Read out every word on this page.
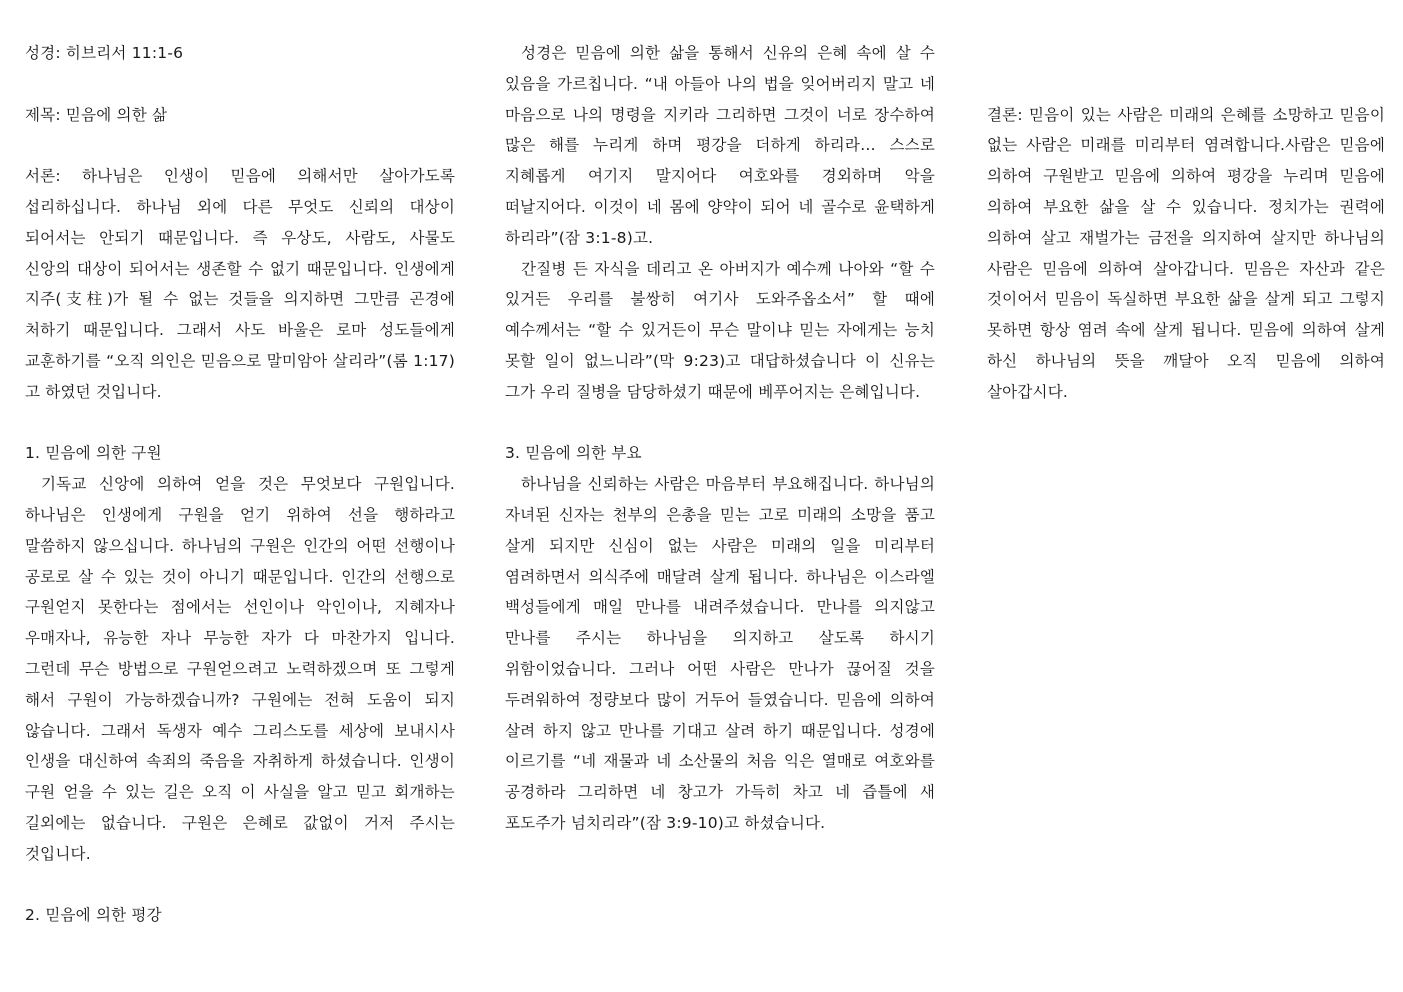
성경: 히브리서 11:1-6

제목: 믿음에 의한 삶

서론: 하나님은 인생이 믿음에 의해서만 살아가도록 섭리하십니다. 하나님 외에 다른 무엇도 신뢰의 대상이 되어서는 안되기 때문입니다. 즉 우상도, 사람도, 사물도 신앙의 대상이 되어서는 생존할 수 없기 때문입니다. 인생에게 지주(支柱)가 될 수 없는 것들을 의지하면 그만큼 곤경에 처하기 때문입니다. 그래서 사도 바울은 로마 성도들에게 교훈하기를 “오직 의인은 믿음으로 말미암아 살리라”(롬 1:17)고 하였던 것입니다.

1. 믿음에 의한 구원

기독교 신앙에 의하여 얻을 것은 무엇보다 구원입니다. 하나님은 인생에게 구원을 얻기 위하여 선을 행하라고 말씀하지 않으십니다. 하나님의 구원은 인간의 어떤 선행이나 공로로 살 수 있는 것이 아니기 때문입니다. 인간의 선행으로 구원얻지 못한다는 점에서는 선인이나 악인이나, 지혜자나 우매자나, 유능한 자나 무능한 자가 다 마찬가지 입니다. 그런데 무슨 방법으로 구원얻으려고 노력하겠으며 또 그렇게 해서 구원이 가능하겠습니까? 구원에는 전혀 도움이 되지 않습니다. 그래서 독생자 예수 그리스도를 세상에 보내시사 인생을 대신하여 속죄의 죽음을 자취하게 하셨습니다. 인생이 구원 얻을 수 있는 길은 오직 이 사실을 알고 믿고 회개하는 길외에는 없습니다. 구원은 은혜로 값없이 거저 주시는 것입니다.

2. 믿음에 의한 평강

성경은 믿음에 의한 삶을 통해서 신유의 은혜 속에 살 수 있음을 가르칩니다. “내 아들아 나의 법을 잊어버리지 말고 네 마음으로 나의 명령을 지키라 그리하면 그것이 너로 장수하여 많은 해를 누리게 하며 평강을 더하게 하리라… 스스로 지혜롭게 여기지 말지어다 여호와를 경외하며 악을 떠날지어다. 이것이 네 몸에 양약이 되어 네 골수로 윤택하게 하리라”(잠 3:1-8)고.

간질병 든 자식을 데리고 온 아버지가 예수께 나아와 “할 수 있거든 우리를 불쌍히 여기사 도와주옵소서” 할 때에 예수께서는 “할 수 있거든이 무슨 말이냐 믿는 자에게는 능치 못할 일이 없느니라”(막 9:23)고 대답하셨습니다 이 신유는 그가 우리 질병을 담당하셨기 때문에 베푸어지는 은혜입니다.

3. 믿음에 의한 부요

하나님을 신뢰하는 사람은 마음부터 부요해집니다. 하나님의 자녀된 신자는 천부의 은총을 믿는 고로 미래의 소망을 품고 살게 되지만 신심이 없는 사람은 미래의 일을 미리부터 염려하면서 의식주에 매달려 살게 됩니다. 하나님은 이스라엘 백성들에게 매일 만나를 내려주셨습니다. 만나를 의지않고 만나를 주시는 하나님을 의지하고 살도록 하시기 위함이었습니다. 그러나 어떤 사람은 만나가 끊어질 것을 두려워하여 정량보다 많이 거두어 들였습니다. 믿음에 의하여 살려 하지 않고 만나를 기대고 살려 하기 때문입니다. 성경에 이르기를 “네 재물과 네 소산물의 처음 익은 열매로 여호와를 공경하라 그리하면 네 창고가 가득히 차고 네 즙틀에 새 포도주가 넘치리라”(잠 3:9-10)고 하셨습니다.

결론: 믿음이 있는 사람은 미래의 은혜를 소망하고 믿음이 없는 사람은 미래를 미리부터 염려합니다.사람은 믿음에 의하여 구원받고 믿음에 의하여 평강을 누리며 믿음에 의하여 부요한 삶을 살 수 있습니다. 정치가는 권력에 의하여 살고 재벌가는 금전을 의지하여 살지만 하나님의 사람은 믿음에 의하여 살아갑니다. 믿음은 자산과 같은 것이어서 믿음이 독실하면 부요한 삶을 살게 되고 그렇지 못하면 항상 염려 속에 살게 됩니다. 믿음에 의하여 살게 하신 하나님의 뜻을 깨달아 오직 믿음에 의하여 살아갑시다.
